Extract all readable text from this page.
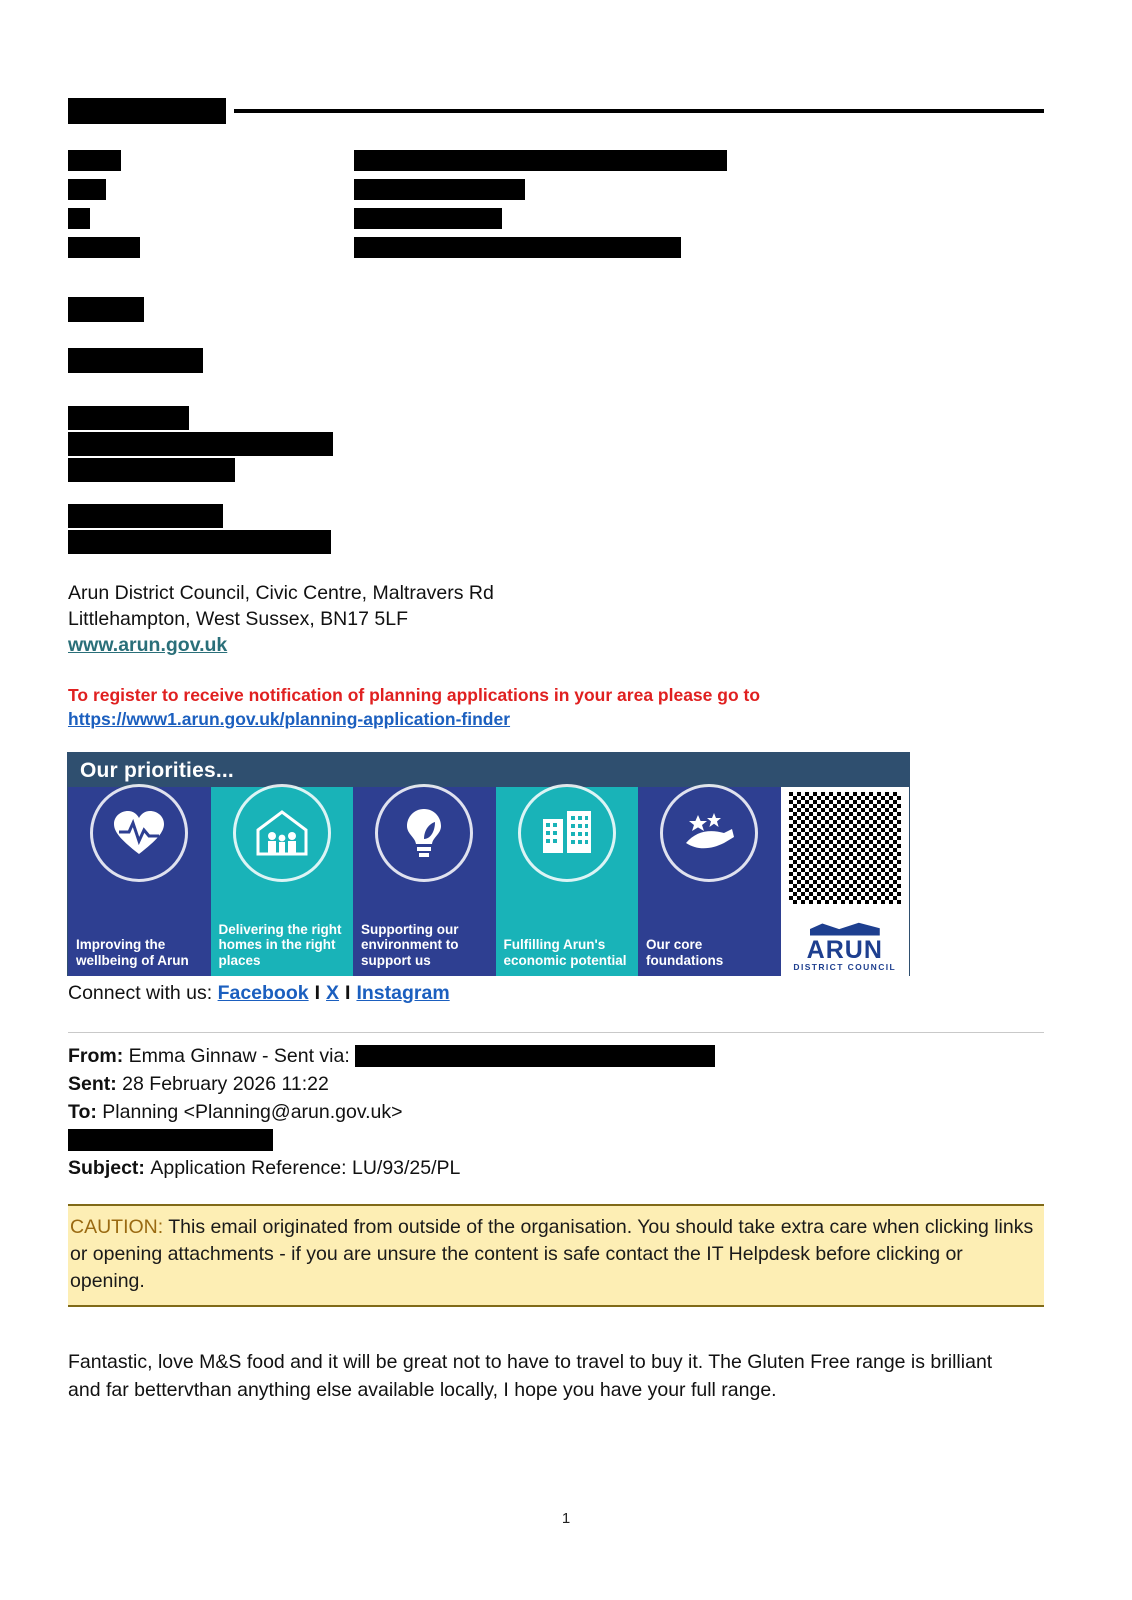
Arun District Council, Civic Centre, Maltravers Rd
Littlehampton, West Sussex, BN17 5LF
www.arun.gov.uk
To register to receive notification of planning applications in your area please go to
https://www1.arun.gov.uk/planning-application-finder
Our priorities...
Improving the wellbeing of Arun
Delivering the right homes in the right places
Supporting our environment to support us
Fulfilling Arun's economic potential
Our core foundations	ARUN
DISTRICT COUNCIL
Connect with us: Facebook I X I Instagram
From:
Emma Ginnaw - Sent via:

Sent:
28 February 2026 11:22
To:
Planning <Planning@arun.gov.uk>
Subject:
Application Reference: LU/93/25/PL
CAUTION: This email originated from outside of the organisation. You should take extra care when clicking links or opening attachments - if you are unsure the content is safe contact the IT Helpdesk before clicking or opening.
Fantastic, love M&S food and it will be great not to have to travel to buy it. The Gluten Free range is brilliant and far bettervthan anything else available locally, I hope you have your full range.
1
